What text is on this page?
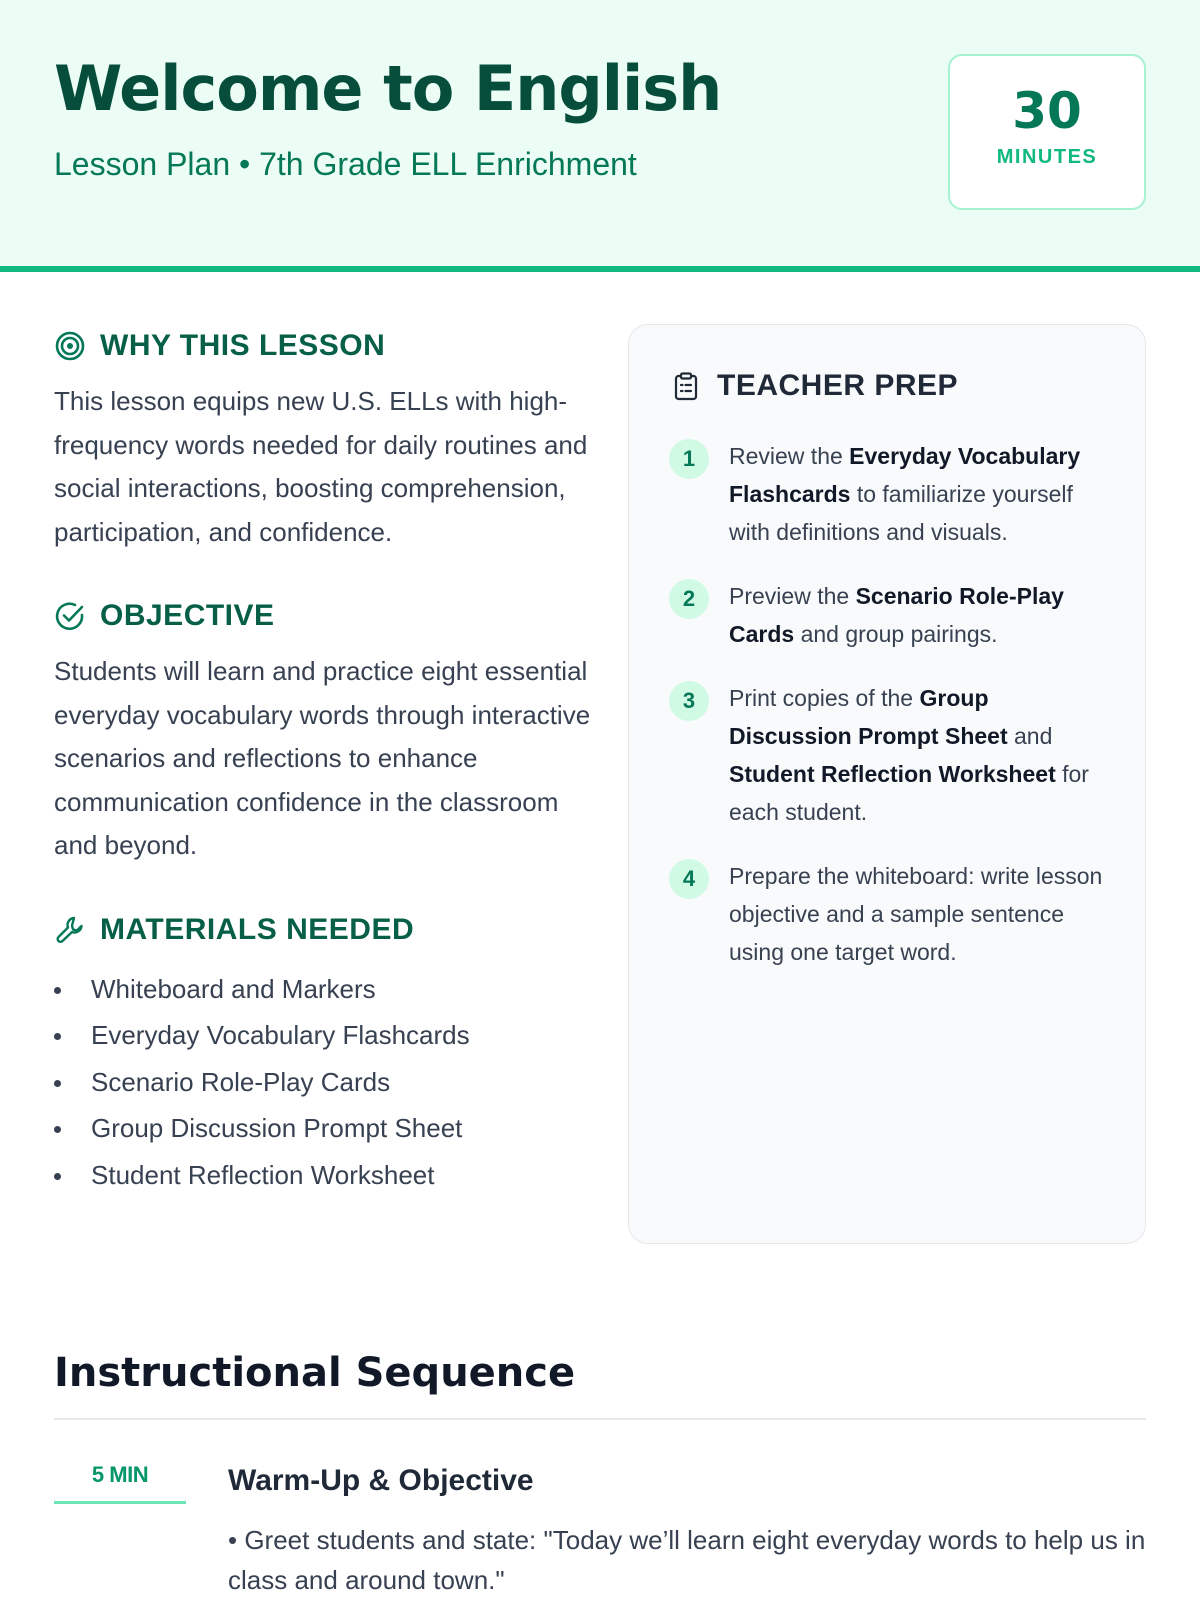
Welcome to English
Lesson Plan • 7th Grade ELL Enrichment
30
MINUTES
WHY THIS LESSON

This lesson equips new U.S. ELLs with high-frequency words needed for daily routines and social interactions, boosting comprehension, participation, and confidence.

OBJECTIVE

Students will learn and practice eight essential everyday vocabulary words through interactive scenarios and reflections to enhance communication confidence in the classroom and beyond.

MATERIALS NEEDED
Whiteboard and Markers
Everyday Vocabulary Flashcards
Scenario Role-Play Cards
Group Discussion Prompt Sheet
Student Reflection Worksheet
TEACHER PREP
1	Review the Everyday Vocabulary Flashcards to familiarize yourself with definitions and visuals.
2	Preview the Scenario Role-Play Cards and group pairings.
3	Print copies of the Group Discussion Prompt Sheet and Student Reflection Worksheet for each student.
4	Prepare the whiteboard: write lesson objective and a sample sentence using one target word.
Instructional Sequence
5 MIN	Warm-Up & Objective

• Greet students and state: "Today we’ll learn eight everyday words to help us in class and around town."
